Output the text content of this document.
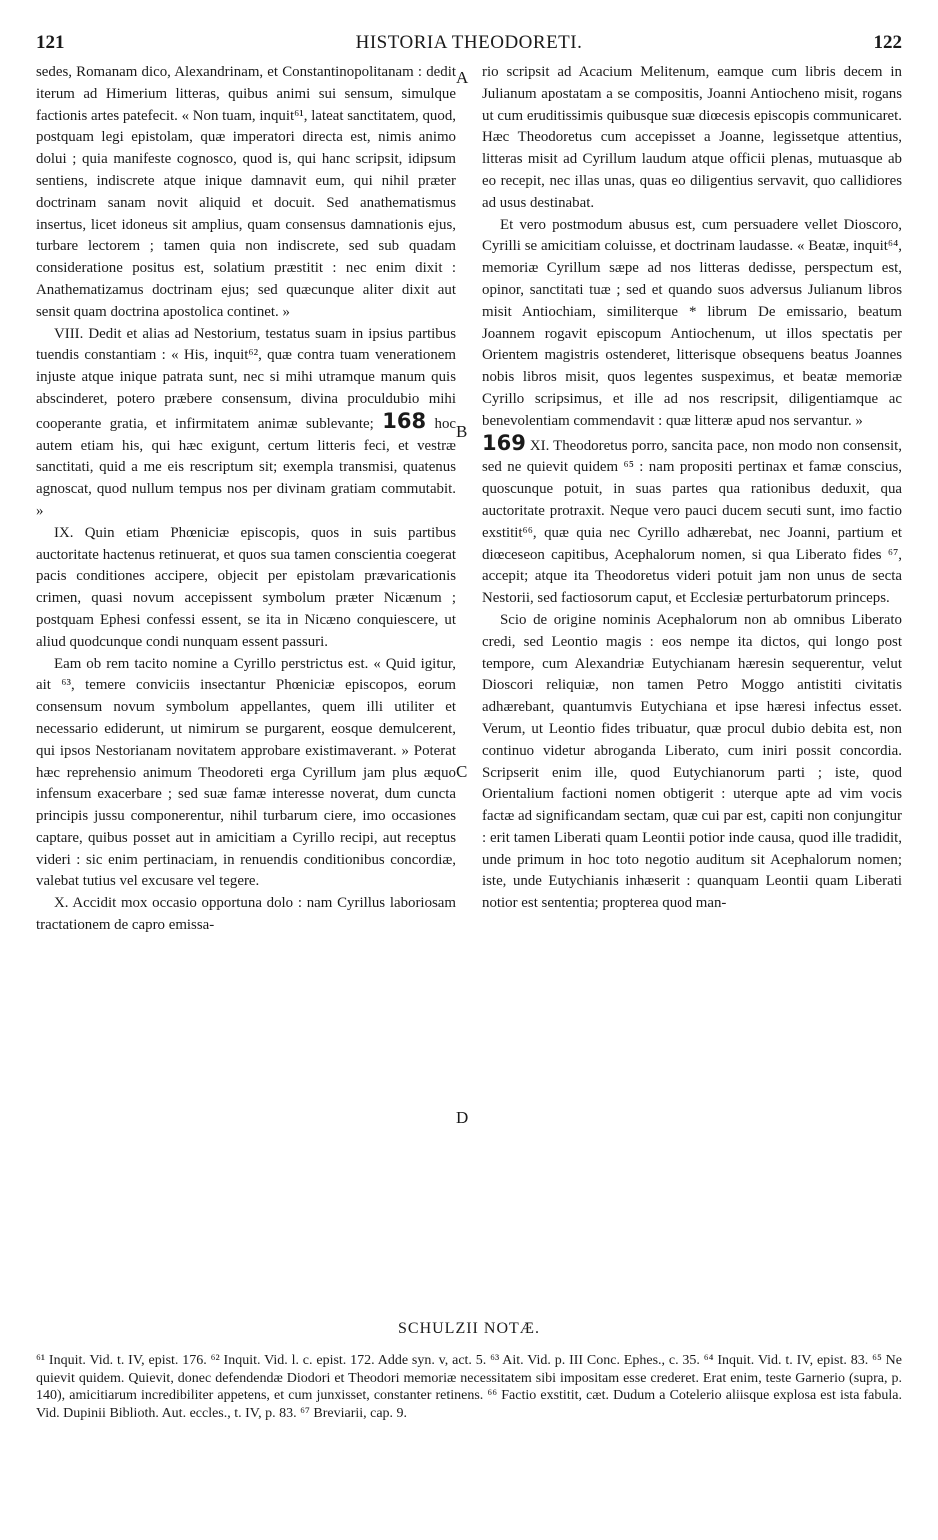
121	HISTORIA THEODORETI.	122
A
B
C
D

sedes, Romanam dico, Alexandrinam, et Constantinopolitanam : dedit iterum ad Himerium litteras, quibus animi sui sensum, simulque factionis artes patefecit. « Non tuam, inquit⁶¹, lateat sanctitatem, quod, postquam legi epistolam, quæ imperatori directa est, nimis animo dolui ; quia manifeste cognosco, quod is, qui hanc scripsit, idipsum sentiens, indiscrete atque inique damnavit eum, qui nihil præter doctrinam sanam novit aliquid et docuit. Sed anathematismus insertus, licet idoneus sit amplius, quam consensus damnationis ejus, turbare lectorem ; tamen quia non indiscrete, sed sub quadam consideratione positus est, solatium præstitit : nec enim dixit : Anathematizamus doctrinam ejus; sed quæcunque aliter dixit aut sensit quam doctrina apostolica continet. »

VIII. Dedit et alias ad Nestorium, testatus suam in ipsius partibus tuendis constantiam : « His, inquit⁶², quæ contra tuam venerationem injuste atque inique patrata sunt, nec si mihi utramque manum quis abscinderet, potero præbere consensum, divina proculdubio mihi cooperante gratia, et infirmitatem animæ sublevante; 168 hoc autem etiam his, qui hæc exigunt, certum litteris feci, et vestræ sanctitati, quid a me eis rescriptum sit; exempla transmisi, quatenus agnoscat, quod nullum tempus nos per divinam gratiam commutabit. »

IX. Quin etiam Phœniciæ episcopis, quos in suis partibus auctoritate hactenus retinuerat, et quos sua tamen conscientia coegerat pacis conditiones accipere, objecit per epistolam prævaricationis crimen, quasi novum accepissent symbolum præter Nicænum ; postquam Ephesi confessi essent, se ita in Nicæno conquiescere, ut aliud quodcunque condi nunquam essent passuri.

Eam ob rem tacito nomine a Cyrillo perstrictus est. « Quid igitur, ait ⁶³, temere conviciis insectantur Phœniciæ episcopos, eorum consensum novum symbolum appellantes, quem illi utiliter et necessario ediderunt, ut nimirum se purgarent, eosque demulcerent, qui ipsos Nestorianam novitatem approbare existimaverant. » Poterat hæc reprehensio animum Theodoreti erga Cyrillum jam plus æquo infensum exacerbare ; sed suæ famæ interesse noverat, dum cuncta principis jussu componerentur, nihil turbarum ciere, imo occasiones captare, quibus posset aut in amicitiam a Cyrillo recipi, aut receptus videri : sic enim pertinaciam, in renuendis conditionibus concordiæ, valebat tutius vel excusare vel tegere.

X. Accidit mox occasio opportuna dolo : nam Cyrillus laboriosam tractationem de capro emissa-

rio scripsit ad Acacium Melitenum, eamque cum libris decem in Julianum apostatam a se compositis, Joanni Antiocheno misit, rogans ut cum eruditissimis quibusque suæ diœcesis episcopis communicaret. Hæc Theodoretus cum accepisset a Joanne, legissetque attentius, litteras misit ad Cyrillum laudum atque officii plenas, mutuasque ab eo recepit, nec illas unas, quas eo diligentius servavit, quo callidiores ad usus destinabat.

Et vero postmodum abusus est, cum persuadere vellet Dioscoro, Cyrilli se amicitiam coluisse, et doctrinam laudasse. « Beatæ, inquit⁶⁴, memoriæ Cyrillum sæpe ad nos litteras dedisse, perspectum est, opinor, sanctitati tuæ ; sed et quando suos adversus Julianum libros misit Antiochiam, similiterque * librum De emissario, beatum Joannem rogavit episcopum Antiochenum, ut illos spectatis per Orientem magistris ostenderet, litterisque obsequens beatus Joannes nobis libros misit, quos legentes suspeximus, et beatæ memoriæ Cyrillo scripsimus, et ille ad nos rescripsit, diligentiamque ac benevolentiam commendavit : quæ litteræ apud nos servantur. »

169 XI. Theodoretus porro, sancita pace, non modo non consensit, sed ne quievit quidem ⁶⁵ : nam propositi pertinax et famæ conscius, quoscunque potuit, in suas partes qua rationibus deduxit, qua auctoritate protraxit. Neque vero pauci ducem secuti sunt, imo factio exstitit⁶⁶, quæ quia nec Cyrillo adhærebat, nec Joanni, partium et diœceseon capitibus, Acephalorum nomen, si qua Liberato fides ⁶⁷, accepit; atque ita Theodoretus videri potuit jam non unus de secta Nestorii, sed factiosorum caput, et Ecclesiæ perturbatorum princeps.

Scio de origine nominis Acephalorum non ab omnibus Liberato credi, sed Leontio magis : eos nempe ita dictos, qui longo post tempore, cum Alexandriæ Eutychianam hæresin sequerentur, velut Dioscori reliquiæ, non tamen Petro Moggo antistiti civitatis adhærebant, quantumvis Eutychiana et ipse hæresi infectus esset. Verum, ut Leontio fides tribuatur, quæ procul dubio debita est, non continuo videtur abroganda Liberato, cum iniri possit concordia. Scripserit enim ille, quod Eutychianorum parti ; iste, quod Orientalium factioni nomen obtigerit : uterque apte ad vim vocis factæ ad significandam sectam, quæ cui par est, capiti non conjungitur : erit tamen Liberati quam Leontii potior inde causa, quod ille tradidit, unde primum in hoc toto negotio auditum sit Acephalorum nomen; iste, unde Eutychianis inhæserit : quanquam Leontii quam Liberati notior est sententia; propterea quod man-

SCHULZII NOTÆ.
⁶¹ Inquit. Vid. t. IV, epist. 176. ⁶² Inquit. Vid. l. c. epist. 172. Adde syn. v, act. 5. ⁶³ Ait. Vid. p. III Conc. Ephes., c. 35. ⁶⁴ Inquit. Vid. t. IV, epist. 83. ⁶⁵ Ne quievit quidem. Quievit, donec defendendæ Diodori et Theodori memoriæ necessitatem sibi impositam esse crederet. Erat enim, teste Garnerio (supra, p. 140), amicitiarum incredibiliter appetens, et cum junxisset, constanter retinens. ⁶⁶ Factio exstitit, cæt. Dudum a Cotelerio aliisque explosa est ista fabula. Vid. Dupinii Biblioth. Aut. eccles., t. IV, p. 83. ⁶⁷ Breviarii, cap. 9.
